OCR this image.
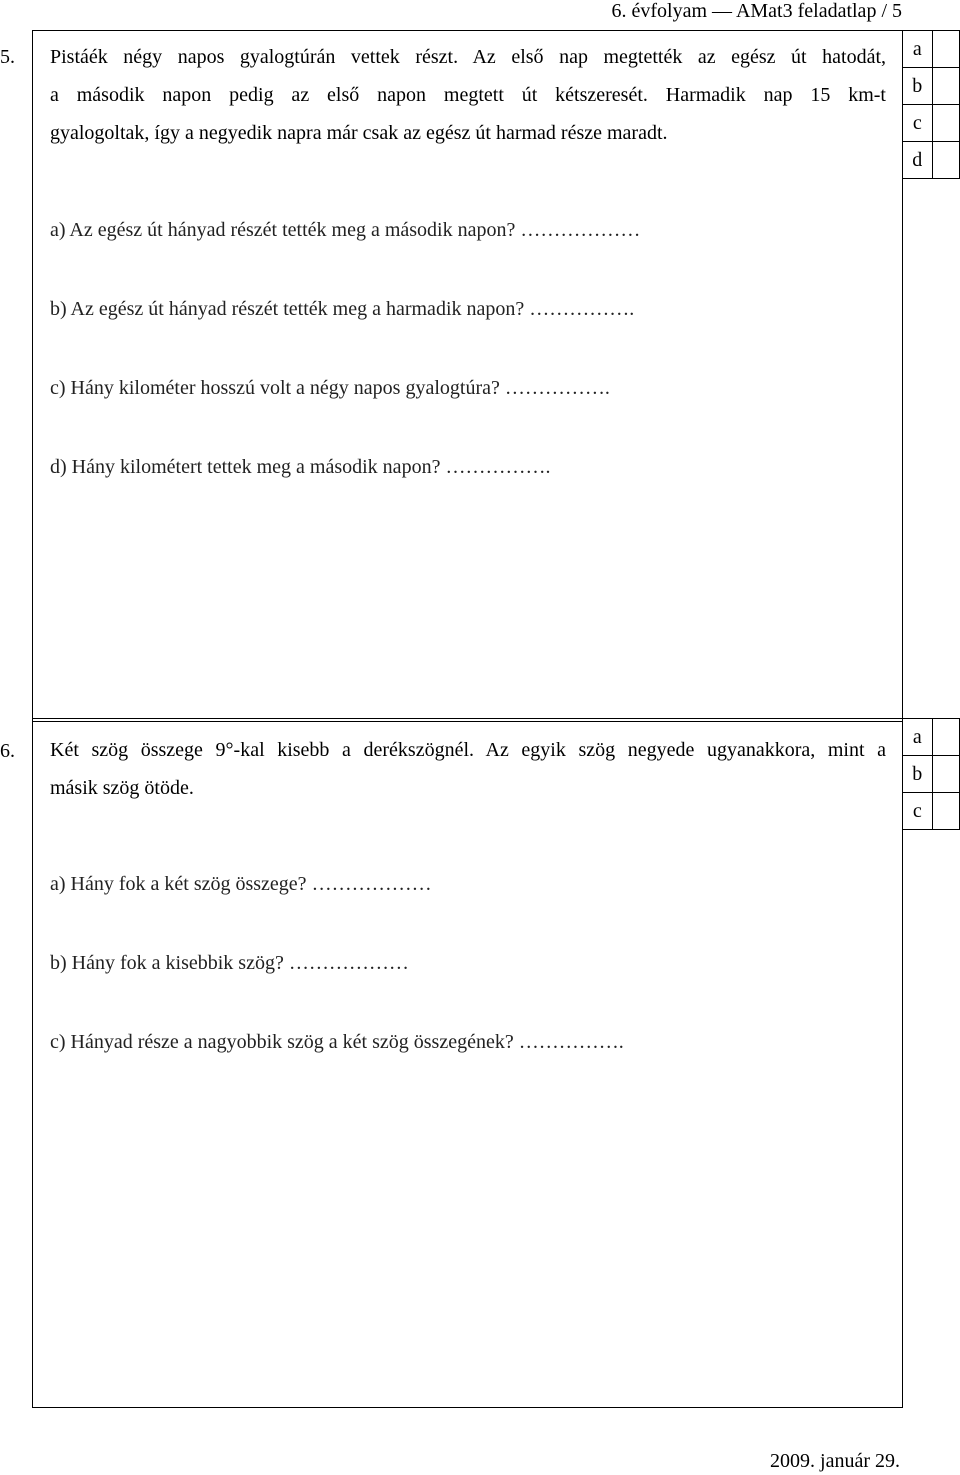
6. évfolyam — AMat3 feladatlap / 5
5. Pistáék négy napos gyalogtúrán vettek részt. Az első nap megtették az egész út hatodát,
a második napon pedig az első napon megtett út kétszeresét. Harmadik nap 15 km-t
gyalogoltak, így a negyedik napra már csak az egész út harmad része maradt.
a	
b	
c	
d	
a) Az egész út hányad részét tették meg a második napon? ………………
b) Az egész út hányad részét tették meg a harmadik napon? …………….
c) Hány kilométer hosszú volt a négy napos gyalogtúra? …………….
d) Hány kilométert tettek meg a második napon? …………….
6. Két szög összege 9°-kal kisebb a derékszögnél. Az egyik szög negyede ugyanakkora, mint a
másik szög ötöde.
a	
b	
c	
a) Hány fok a két szög összege? ………………
b) Hány fok a kisebbik szög? ………………
c) Hányad része a nagyobbik szög a két szög összegének? …………….
2009. január 29.
